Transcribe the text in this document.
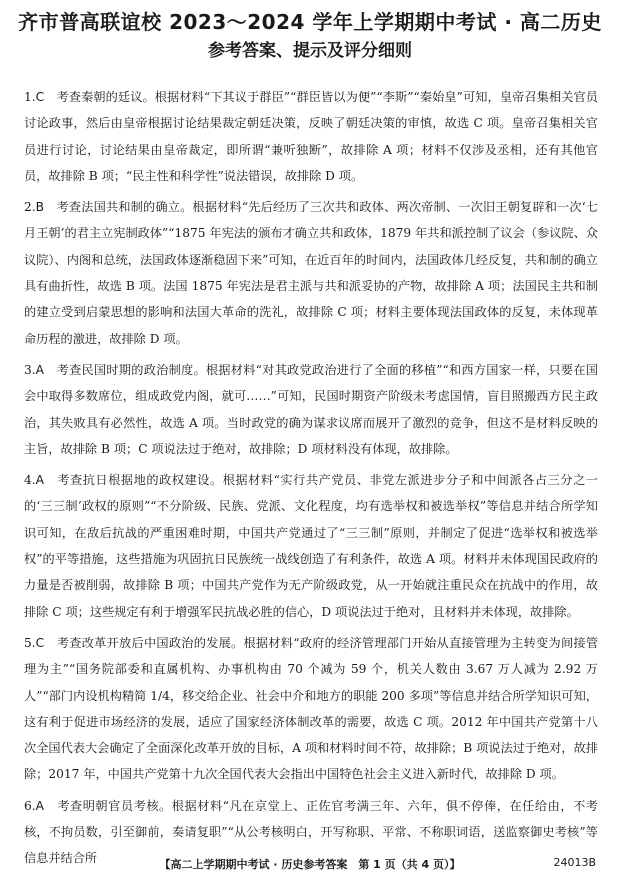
齐市普高联谊校 2023～2024 学年上学期期中考试 · 高二历史
参考答案、提示及评分细则

1.C　 考查秦朝的廷议。根据材料“下其议于群臣”“群臣皆以为便”“李斯”“秦始皇”可知，皇帝召集相关官员讨论政事，然后由皇帝根据讨论结果裁定朝廷决策，反映了朝廷决策的审慎，故选 C 项。皇帝召集相关官员进行讨论，讨论结果由皇帝裁定，即所谓“兼听独断”，故排除 A 项；材料不仅涉及丞相，还有其他官员，故排除 B 项；“民主性和科学性”说法错误，故排除 D 项。

2.B　 考查法国共和制的确立。根据材料“先后经历了三次共和政体、两次帝制、一次旧王朝复辟和一次‘七月王朝’的君主立宪制政体”“1875 年宪法的颁布才确立共和政体，1879 年共和派控制了议会（参议院、众议院）、内阁和总统，法国政体逐渐稳固下来”可知，在近百年的时间内，法国政体几经反复，共和制的确立具有曲折性，故选 B 项。法国 1875 年宪法是君主派与共和派妥协的产物，故排除 A 项；法国民主共和制的建立受到启蒙思想的影响和法国大革命的洗礼，故排除 C 项；材料主要体现法国政体的反复，未体现革命历程的激进，故排除 D 项。

3.A　 考查民国时期的政治制度。根据材料“对其政党政治进行了全面的移植”“和西方国家一样，只要在国会中取得多数席位，组成政党内阁，就可……”可知，民国时期资产阶级未考虑国情，盲目照搬西方民主政治，其失败具有必然性，故选 A 项。当时政党的确为谋求议席而展开了激烈的竞争，但这不是材料反映的主旨，故排除 B 项；C 项说法过于绝对，故排除；D 项材料没有体现，故排除。

4.A　 考查抗日根据地的政权建设。根据材料“实行共产党员、非党左派进步分子和中间派各占三分之一的‘三三制’政权的原则”“不分阶级、民族、党派、文化程度，均有选举权和被选举权”等信息并结合所学知识可知，在敌后抗战的严重困难时期，中国共产党通过了“三三制”原则，并制定了促进“选举权和被选举权”的平等措施，这些措施为巩固抗日民族统一战线创造了有利条件，故选 A 项。材料并未体现国民政府的力量是否被削弱，故排除 B 项；中国共产党作为无产阶级政党，从一开始就注重民众在抗战中的作用，故排除 C 项；这些规定有利于增强军民抗战必胜的信心，D 项说法过于绝对，且材料并未体现，故排除。

5.C　 考查改革开放后中国政治的发展。根据材料“政府的经济管理部门开始从直接管理为主转变为间接管理为主”“国务院部委和直属机构、办事机构由 70 个减为 59 个，机关人数由 3.67 万人减为 2.92 万人”“部门内设机构精简 1/4，移交给企业、社会中介和地方的职能 200 多项”等信息并结合所学知识可知，这有利于促进市场经济的发展，适应了国家经济体制改革的需要，故选 C 项。2012 年中国共产党第十八次全国代表大会确定了全面深化改革开放的目标，A 项和材料时间不符，故排除；B 项说法过于绝对，故排除；2017 年，中国共产党第十九次全国代表大会指出中国特色社会主义进入新时代，故排除 D 项。

6.A　 考查明朝官员考核。根据材料“凡在京堂上、正佐官考满三年、六年，俱不停俸，在任给由，不考核，不拘员数，引至御前，奏请复职”“从公考核明白，开写称职、平常、不称职词语，送监察御史考核”等信息并结合所	【高二上学期期中考试 · 历史参考答案　第 1 页（共 4 页）】	24013B
